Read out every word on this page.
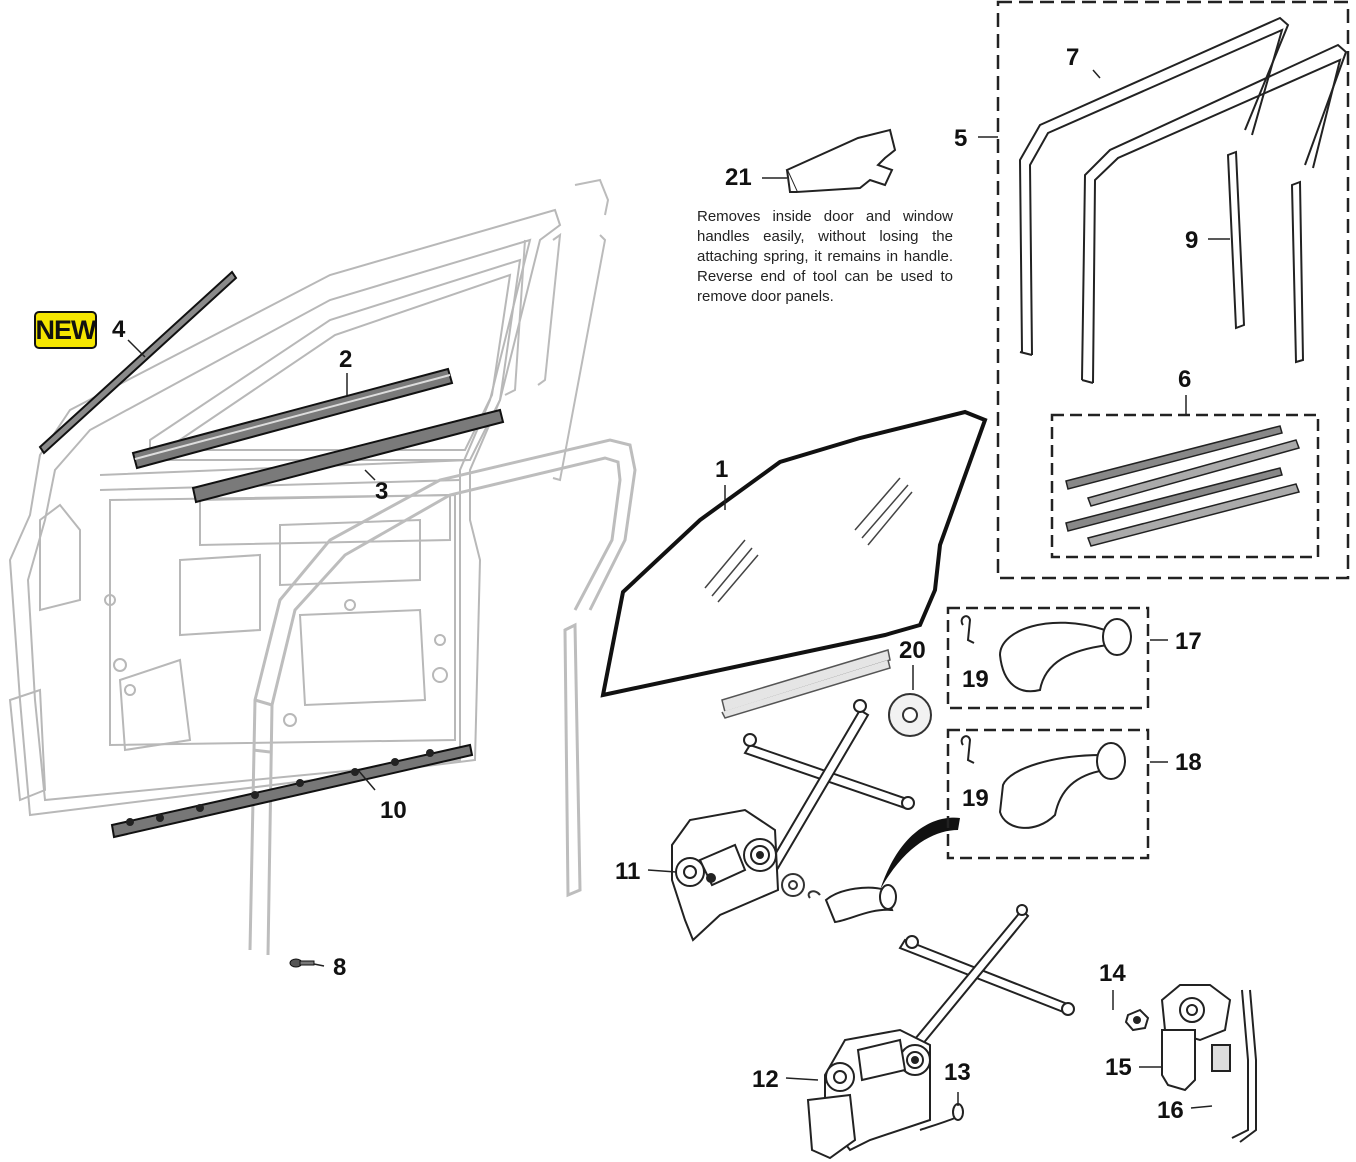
1
2
3
4
5
6
7
8
9
10
11
12	13
14
15
16
17
18
19
19
20
21
NEW
Removes inside door and window handles easily, without losing the attaching spring, it remains in handle. Reverse end of tool can be used to remove door panels.
